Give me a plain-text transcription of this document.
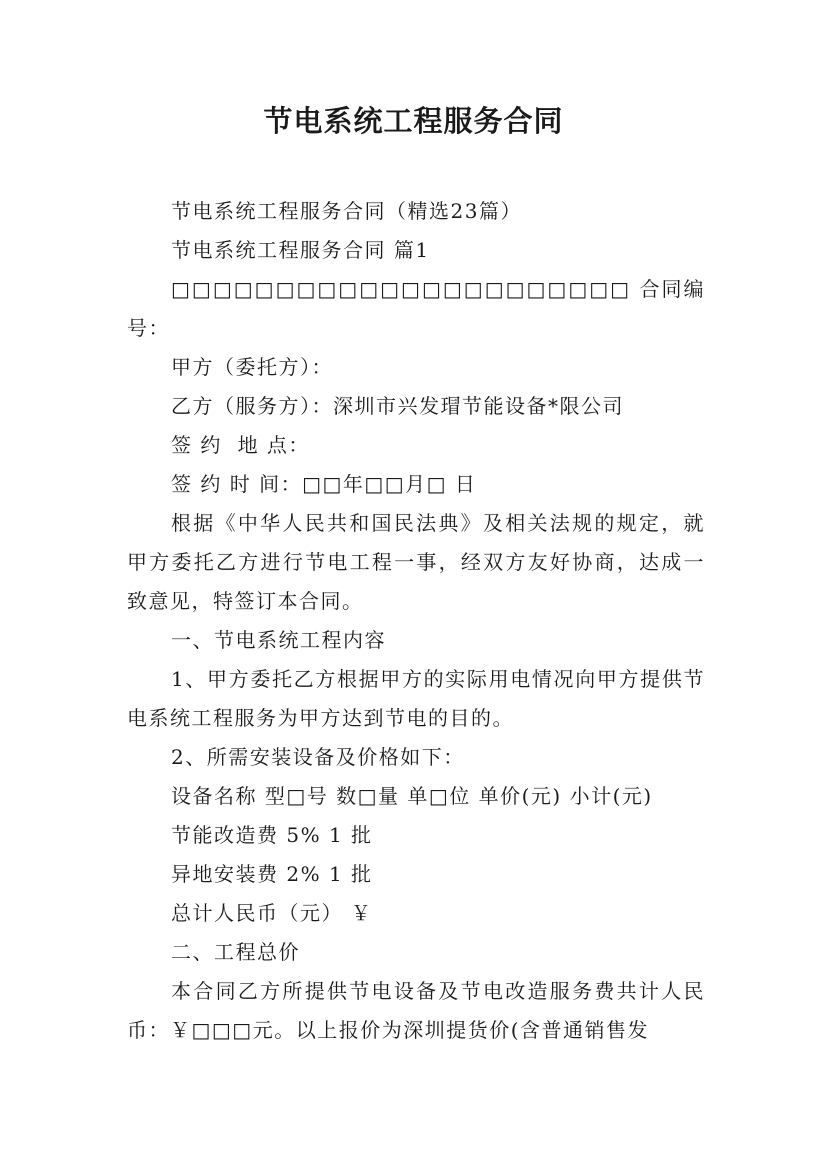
节电系统工程服务合同

节电系统工程服务合同（精选23篇）

节电系统工程服务合同 篇1

□□□□□□□□□□□□□□□□□□□□□□ 合同编号：

甲方（委托方）：

乙方（服务方）：深圳市兴发瑁节能设备*限公司

签 约  地 点：

签 约 时 间：□□年□□月□ 日

根据《中华人民共和国民法典》及相关法规的规定，就甲方委托乙方进行节电工程一事，经双方友好协商，达成一致意见，特签订本合同。

一、节电系统工程内容

1、甲方委托乙方根据甲方的实际用电情况向甲方提供节电系统工程服务为甲方达到节电的目的。

2、所需安装设备及价格如下：

设备名称 型□号 数□量 单□位 单价(元) 小计(元)

节能改造费 5% 1 批

异地安装费 2% 1 批

总计人民币（元） ￥

二、工程总价

本合同乙方所提供节电设备及节电改造服务费共计人民币：￥□□□元。以上报价为深圳提货价(含普通销售发
